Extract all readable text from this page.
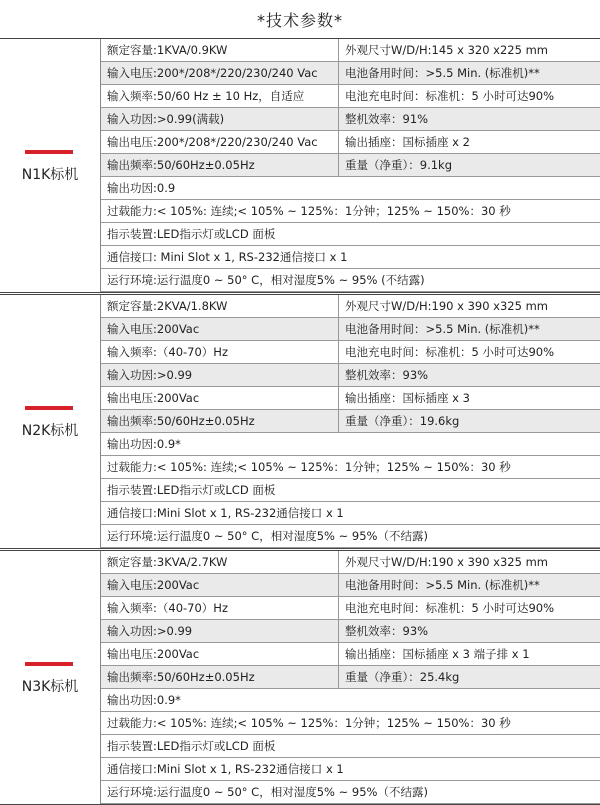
*技术参数*
N1K标机
额定容量:1KVA/0.9KW	外观尺寸W/D/H:145 x 320 x225 mm
输入电压:200*/208*/220/230/240 Vac	电池备用时间：>5.5 Min. (标准机)**
输入频率:50/60 Hz ± 10 Hz，自适应	电池充电时间：标准机：5 小时可达90%
输入功因:>0.99(满载)	整机效率：91%
输出电压:200*/208*/220/230/240 Vac	输出插座：国标插座 x 2
输出频率:50/60Hz±0.05Hz	重量（净重）：9.1kg
输出功因:0.9
过载能力:< 105%: 连续;< 105% ~ 125%：1分钟；125% ~ 150%：30 秒
指示装置:LED指示灯或LCD 面板
通信接口: Mini Slot x 1, RS-232通信接口 x 1
运行环境:运行温度0 ~ 50° C，相对湿度5% ~ 95% (不结露)
N2K标机
额定容量:2KVA/1.8KW	外观尺寸W/D/H:190 x 390 x325 mm
输入电压:200Vac	电池备用时间：>5.5 Min. (标准机)**
输入频率:（40-70）Hz	电池充电时间：标准机：5 小时可达90%
输入功因:>0.99	整机效率：93%
输出电压:200Vac	输出插座：国标插座 x 3
输出频率:50/60Hz±0.05Hz	重量（净重）：19.6kg
输出功因:0.9*
过载能力:< 105%: 连续;< 105% ~ 125%：1分钟；125% ~ 150%：30 秒
指示装置:LED指示灯或LCD 面板
通信接口:Mini Slot x 1, RS-232通信接口 x 1
运行环境:运行温度0 ~ 50° C，相对湿度5% ~ 95%（不结露)
N3K标机
额定容量:3KVA/2.7KW	外观尺寸W/D/H:190 x 390 x325 mm
输入电压:200Vac	电池备用时间：>5.5 Min. (标准机)**
输入频率:（40-70）Hz	电池充电时间：标准机：5 小时可达90%
输入功因:>0.99	整机效率：93%
输出电压:200Vac	输出插座：国标插座 x 3 端子排 x 1
输出频率:50/60Hz±0.05Hz	重量（净重）：25.4kg
输出功因:0.9*
过载能力:< 105%: 连续;< 105% ~ 125%：1分钟；125% ~ 150%：30 秒
指示装置:LED指示灯或LCD 面板
通信接口:Mini Slot x 1, RS-232通信接口 x 1
运行环境:运行温度0 ~ 50° C，相对湿度5% ~ 95%（不结露)
